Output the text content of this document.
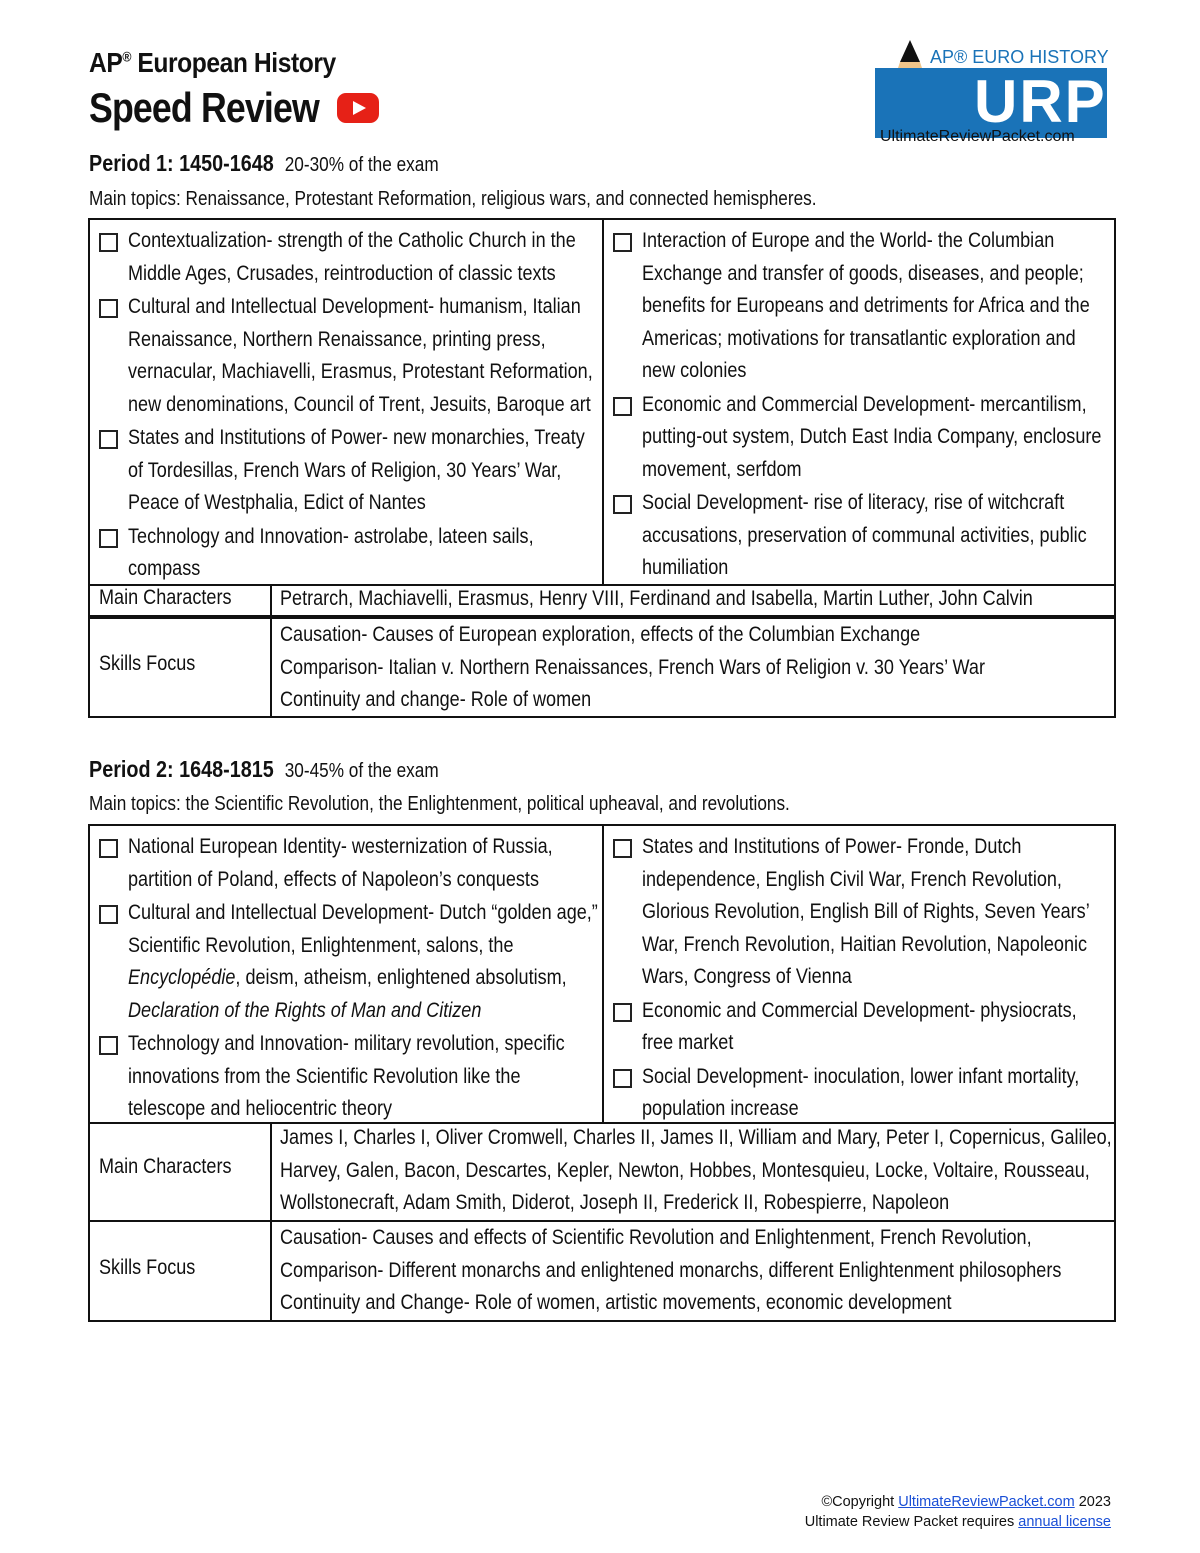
AP® European History
Speed Review
AP® EURO HISTORY
URP
UltimateReviewPacket.com
Period 1: 1450-1648 20-30% of the exam
Main topics: Renaissance, Protestant Reformation, religious wars, and connected hemispheres.
Contextualization- strength of the Catholic Church in the
Middle Ages, Crusades, reintroduction of classic texts
Cultural and Intellectual Development- humanism, Italian
Renaissance, Northern Renaissance, printing press,
vernacular, Machiavelli, Erasmus, Protestant Reformation,
new denominations, Council of Trent, Jesuits, Baroque art
States and Institutions of Power- new monarchies, Treaty
of Tordesillas, French Wars of Religion, 30 Years’ War,
Peace of Westphalia, Edict of Nantes
Technology and Innovation- astrolabe, lateen sails,
compass
Interaction of Europe and the World- the Columbian
Exchange and transfer of goods, diseases, and people;
benefits for Europeans and detriments for Africa and the
Americas; motivations for transatlantic exploration and
new colonies
Economic and Commercial Development- mercantilism,
putting-out system, Dutch East India Company, enclosure
movement, serfdom
Social Development- rise of literacy, rise of witchcraft
accusations, preservation of communal activities, public
humiliation
Main Characters Petrarch, Machiavelli, Erasmus, Henry VIII, Ferdinand and Isabella, Martin Luther, John Calvin
Skills Focus
Causation- Causes of European exploration, effects of the Columbian Exchange
Comparison- Italian v. Northern Renaissances, French Wars of Religion v. 30 Years’ War
Continuity and change- Role of women
Period 2: 1648-1815 30-45% of the exam
Main topics: the Scientific Revolution, the Enlightenment, political upheaval, and revolutions.
National European Identity- westernization of Russia,
partition of Poland, effects of Napoleon’s conquests
Cultural and Intellectual Development- Dutch “golden age,”
Scientific Revolution, Enlightenment, salons, the
Encyclopédie, deism, atheism, enlightened absolutism,
Declaration of the Rights of Man and Citizen
Technology and Innovation- military revolution, specific
innovations from the Scientific Revolution like the
telescope and heliocentric theory
States and Institutions of Power- Fronde, Dutch
independence, English Civil War, French Revolution,
Glorious Revolution, English Bill of Rights, Seven Years’
War, French Revolution, Haitian Revolution, Napoleonic
Wars, Congress of Vienna
Economic and Commercial Development- physiocrats,
free market
Social Development- inoculation, lower infant mortality,
population increase
Main Characters
James I, Charles I, Oliver Cromwell, Charles II, James II, William and Mary, Peter I, Copernicus, Galileo,
Harvey, Galen, Bacon, Descartes, Kepler, Newton, Hobbes, Montesquieu, Locke, Voltaire, Rousseau,
Wollstonecraft, Adam Smith, Diderot, Joseph II, Frederick II, Robespierre, Napoleon
Skills Focus
Causation- Causes and effects of Scientific Revolution and Enlightenment, French Revolution,
Comparison- Different monarchs and enlightened monarchs, different Enlightenment philosophers
Continuity and Change- Role of women, artistic movements, economic development
©Copyright UltimateReviewPacket.com 2023
Ultimate Review Packet requires annual license
